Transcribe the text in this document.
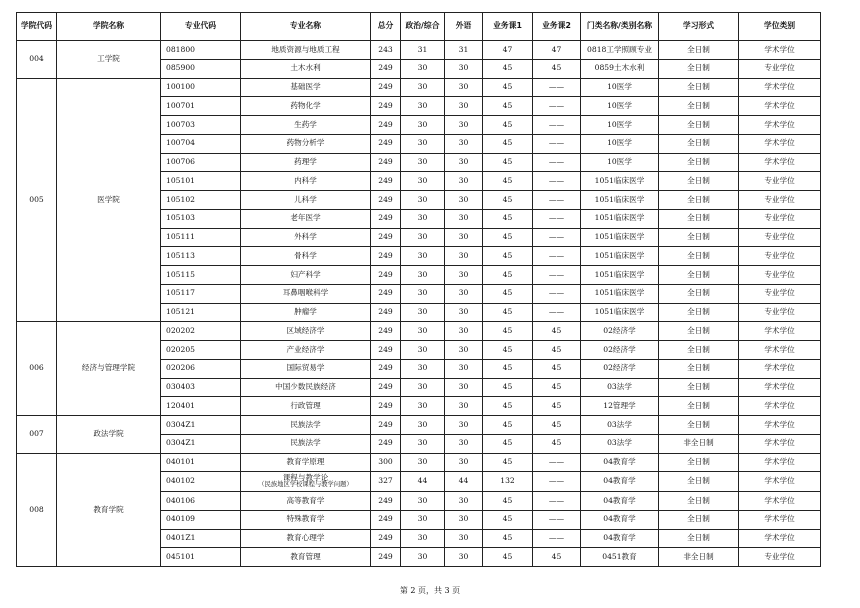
学院代码	学院名称	专业代码	专业名称	总分	政治/综合	外语	业务课1	业务课2	门类名称/类别名称	学习形式	学位类别
004	工学院	081800	地质资源与地质工程	243	31	31	47	47	0818工学照顾专业	全日制	学术学位
		085900	土木水利	249	30	30	45	45	0859土木水利	全日制	专业学位
005	医学院	100100	基础医学	249	30	30	45	——	10医学	全日制	学术学位
		100701	药物化学	249	30	30	45	——	10医学	全日制	学术学位
		100703	生药学	249	30	30	45	——	10医学	全日制	学术学位
		100704	药物分析学	249	30	30	45	——	10医学	全日制	学术学位
		100706	药理学	249	30	30	45	——	10医学	全日制	学术学位
		105101	内科学	249	30	30	45	——	1051临床医学	全日制	专业学位
		105102	儿科学	249	30	30	45	——	1051临床医学	全日制	专业学位
		105103	老年医学	249	30	30	45	——	1051临床医学	全日制	专业学位
		105111	外科学	249	30	30	45	——	1051临床医学	全日制	专业学位
		105113	骨科学	249	30	30	45	——	1051临床医学	全日制	专业学位
		105115	妇产科学	249	30	30	45	——	1051临床医学	全日制	专业学位
		105117	耳鼻咽喉科学	249	30	30	45	——	1051临床医学	全日制	专业学位
		105121	肿瘤学	249	30	30	45	——	1051临床医学	全日制	专业学位
006	经济与管理学院	020202	区域经济学	249	30	30	45	45	02经济学	全日制	学术学位
		020205	产业经济学	249	30	30	45	45	02经济学	全日制	学术学位
		020206	国际贸易学	249	30	30	45	45	02经济学	全日制	学术学位
		030403	中国少数民族经济	249	30	30	45	45	03法学	全日制	学术学位
		120401	行政管理	249	30	30	45	45	12管理学	全日制	学术学位
007	政法学院	0304Z1	民族法学	249	30	30	45	45	03法学	全日制	学术学位
		0304Z1	民族法学	249	30	30	45	45	03法学	非全日制	学术学位
008	教育学院	040101	教育学原理	300	30	30	45	——	04教育学	全日制	学术学位
		040102	课程与教学论
（民族地区学校课程与教学问题）	327	44	44	132	——	04教育学	全日制	学术学位
		040106	高等教育学	249	30	30	45	——	04教育学	全日制	学术学位
		040109	特殊教育学	249	30	30	45	——	04教育学	全日制	学术学位
		0401Z1	教育心理学	249	30	30	45	——	04教育学	全日制	学术学位
		045101	教育管理	249	30	30	45	45	0451教育	非全日制	专业学位
第 2 页，共 3 页
